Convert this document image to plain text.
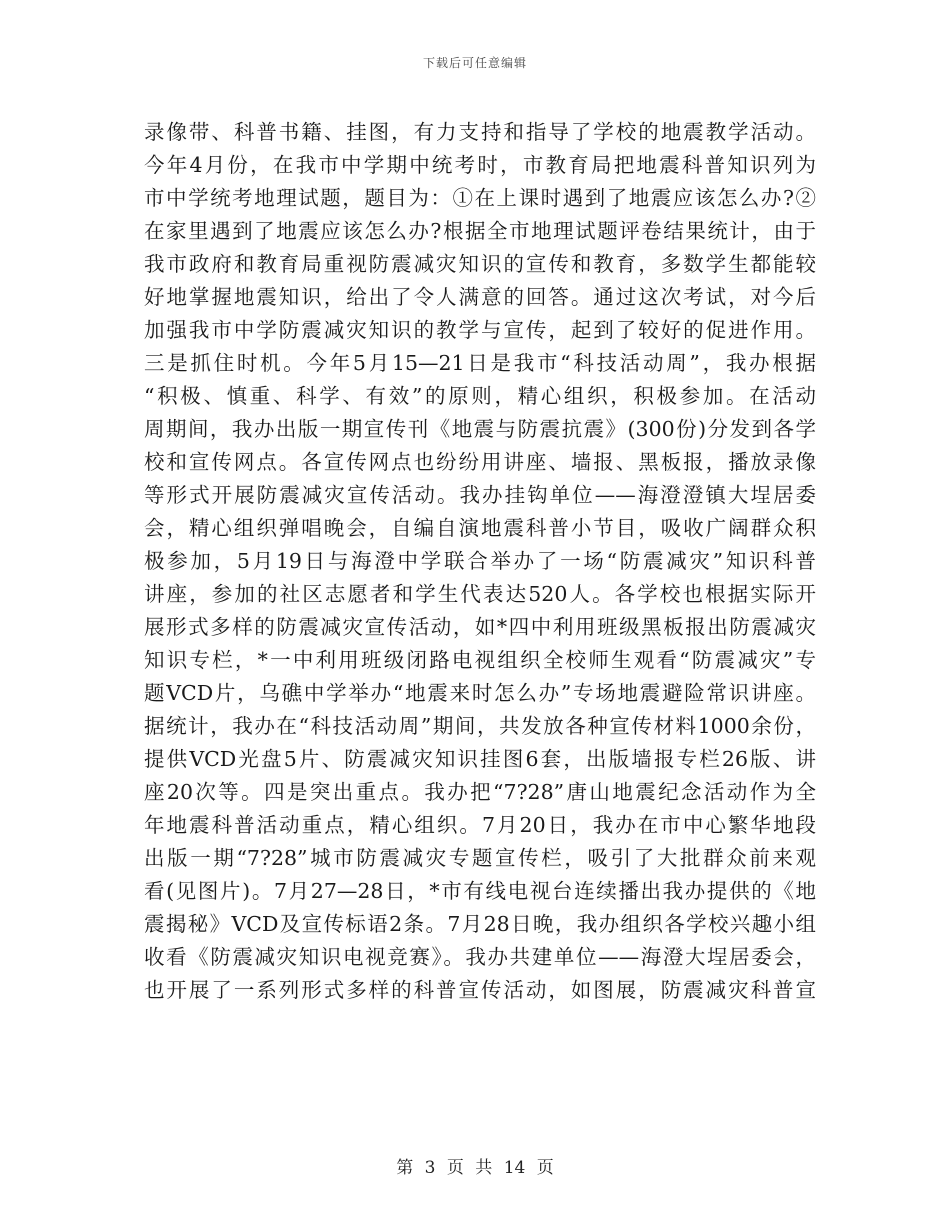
下载后可任意编辑
录像带、科普书籍、挂图，有力支持和指导了学校的地震教学活动。
今年4月份，在我市中学期中统考时，市教育局把地震科普知识列为
市中学统考地理试题，题目为：①在上课时遇到了地震应该怎么办?②
在家里遇到了地震应该怎么办?根据全市地理试题评卷结果统计，由于
我市政府和教育局重视防震减灾知识的宣传和教育，多数学生都能较
好地掌握地震知识，给出了令人满意的回答。通过这次考试，对今后
加强我市中学防震减灾知识的教学与宣传，起到了较好的促进作用。
三是抓住时机。今年5月15—21日是我市“科技活动周”，我办根据
“积极、慎重、科学、有效”的原则，精心组织，积极参加。在活动
周期间，我办出版一期宣传刊《地震与防震抗震》(300份)分发到各学
校和宣传网点。各宣传网点也纷纷用讲座、墙报、黑板报，播放录像
等形式开展防震减灾宣传活动。我办挂钩单位——海澄澄镇大埕居委
会，精心组织弹唱晚会，自编自演地震科普小节目，吸收广阔群众积
极参加，5月19日与海澄中学联合举办了一场“防震减灾”知识科普
讲座，参加的社区志愿者和学生代表达520人。各学校也根据实际开
展形式多样的防震减灾宣传活动，如*四中利用班级黑板报出防震减灾
知识专栏，*一中利用班级闭路电视组织全校师生观看“防震减灾”专
题VCD片，乌礁中学举办“地震来时怎么办”专场地震避险常识讲座。
据统计，我办在“科技活动周”期间，共发放各种宣传材料1000余份，
提供VCD光盘5片、防震减灾知识挂图6套，出版墙报专栏26版、讲
座20次等。四是突出重点。我办把“7?28”唐山地震纪念活动作为全
年地震科普活动重点，精心组织。7月20日，我办在市中心繁华地段
出版一期“7?28”城市防震减灾专题宣传栏，吸引了大批群众前来观
看(见图片)。7月27—28日，*市有线电视台连续播出我办提供的《地
震揭秘》VCD及宣传标语2条。7月28日晚，我办组织各学校兴趣小组
收看《防震减灾知识电视竞赛》。我办共建单位——海澄大埕居委会，
也开展了一系列形式多样的科普宣传活动，如图展，防震减灾科普宣
第 3 页 共 14 页
